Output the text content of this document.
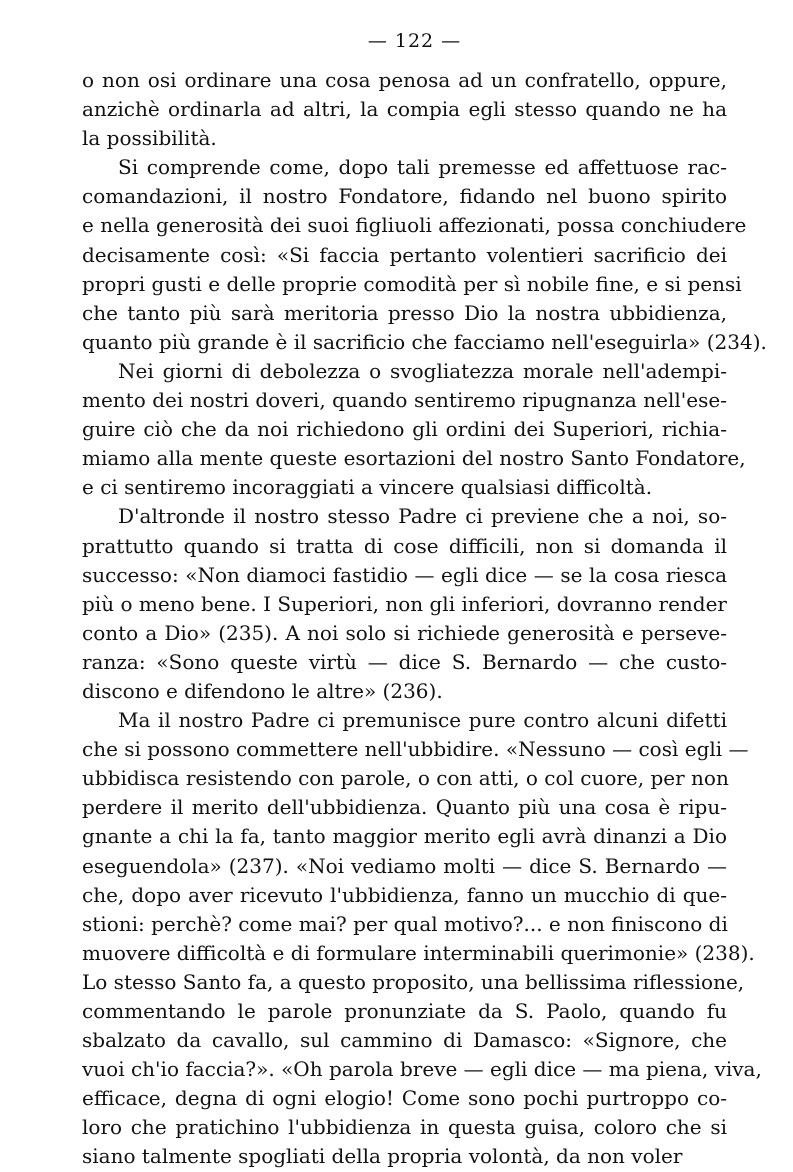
— 122 —
o non osi ordinare una cosa penosa ad un confratello, oppure,
anzichè ordinarla ad altri, la compia egli stesso quando ne ha
la possibilità.
Si comprende come, dopo tali premesse ed affettuose rac-
comandazioni, il nostro Fondatore, fidando nel buono spirito
e nella generosità dei suoi figliuoli affezionati, possa conchiudere
decisamente così: «Si faccia pertanto volentieri sacrificio dei
propri gusti e delle proprie comodità per sì nobile fine, e si pensi
che tanto più sarà meritoria presso Dio la nostra ubbidienza,
quanto più grande è il sacrificio che facciamo nell'eseguirla» (234).
Nei giorni di debolezza o svogliatezza morale nell'adempi-
mento dei nostri doveri, quando sentiremo ripugnanza nell'ese-
guire ciò che da noi richiedono gli ordini dei Superiori, richia-
miamo alla mente queste esortazioni del nostro Santo Fondatore,
e ci sentiremo incoraggiati a vincere qualsiasi difficoltà.
D'altronde il nostro stesso Padre ci previene che a noi, so-
prattutto quando si tratta di cose difficili, non si domanda il
successo: «Non diamoci fastidio — egli dice — se la cosa riesca
più o meno bene. I Superiori, non gli inferiori, dovranno render
conto a Dio» (235). A noi solo si richiede generosità e perseve-
ranza: «Sono queste virtù — dice S. Bernardo — che custo-
discono e difendono le altre» (236).
Ma il nostro Padre ci premunisce pure contro alcuni difetti
che si possono commettere nell'ubbidire. «Nessuno — così egli —
ubbidisca resistendo con parole, o con atti, o col cuore, per non
perdere il merito dell'ubbidienza. Quanto più una cosa è ripu-
gnante a chi la fa, tanto maggior merito egli avrà dinanzi a Dio
eseguendola» (237). «Noi vediamo molti — dice S. Bernardo —
che, dopo aver ricevuto l'ubbidienza, fanno un mucchio di que-
stioni: perchè? come mai? per qual motivo?... e non finiscono di
muovere difficoltà e di formulare interminabili querimonie» (238).
Lo stesso Santo fa, a questo proposito, una bellissima riflessione,
commentando le parole pronunziate da S. Paolo, quando fu
sbalzato da cavallo, sul cammino di Damasco: «Signore, che
vuoi ch'io faccia?». «Oh parola breve — egli dice — ma piena, viva,
efficace, degna di ogni elogio! Come sono pochi purtroppo co-
loro che pratichino l'ubbidienza in questa guisa, coloro che si
siano talmente spogliati della propria volontà, da non voler
